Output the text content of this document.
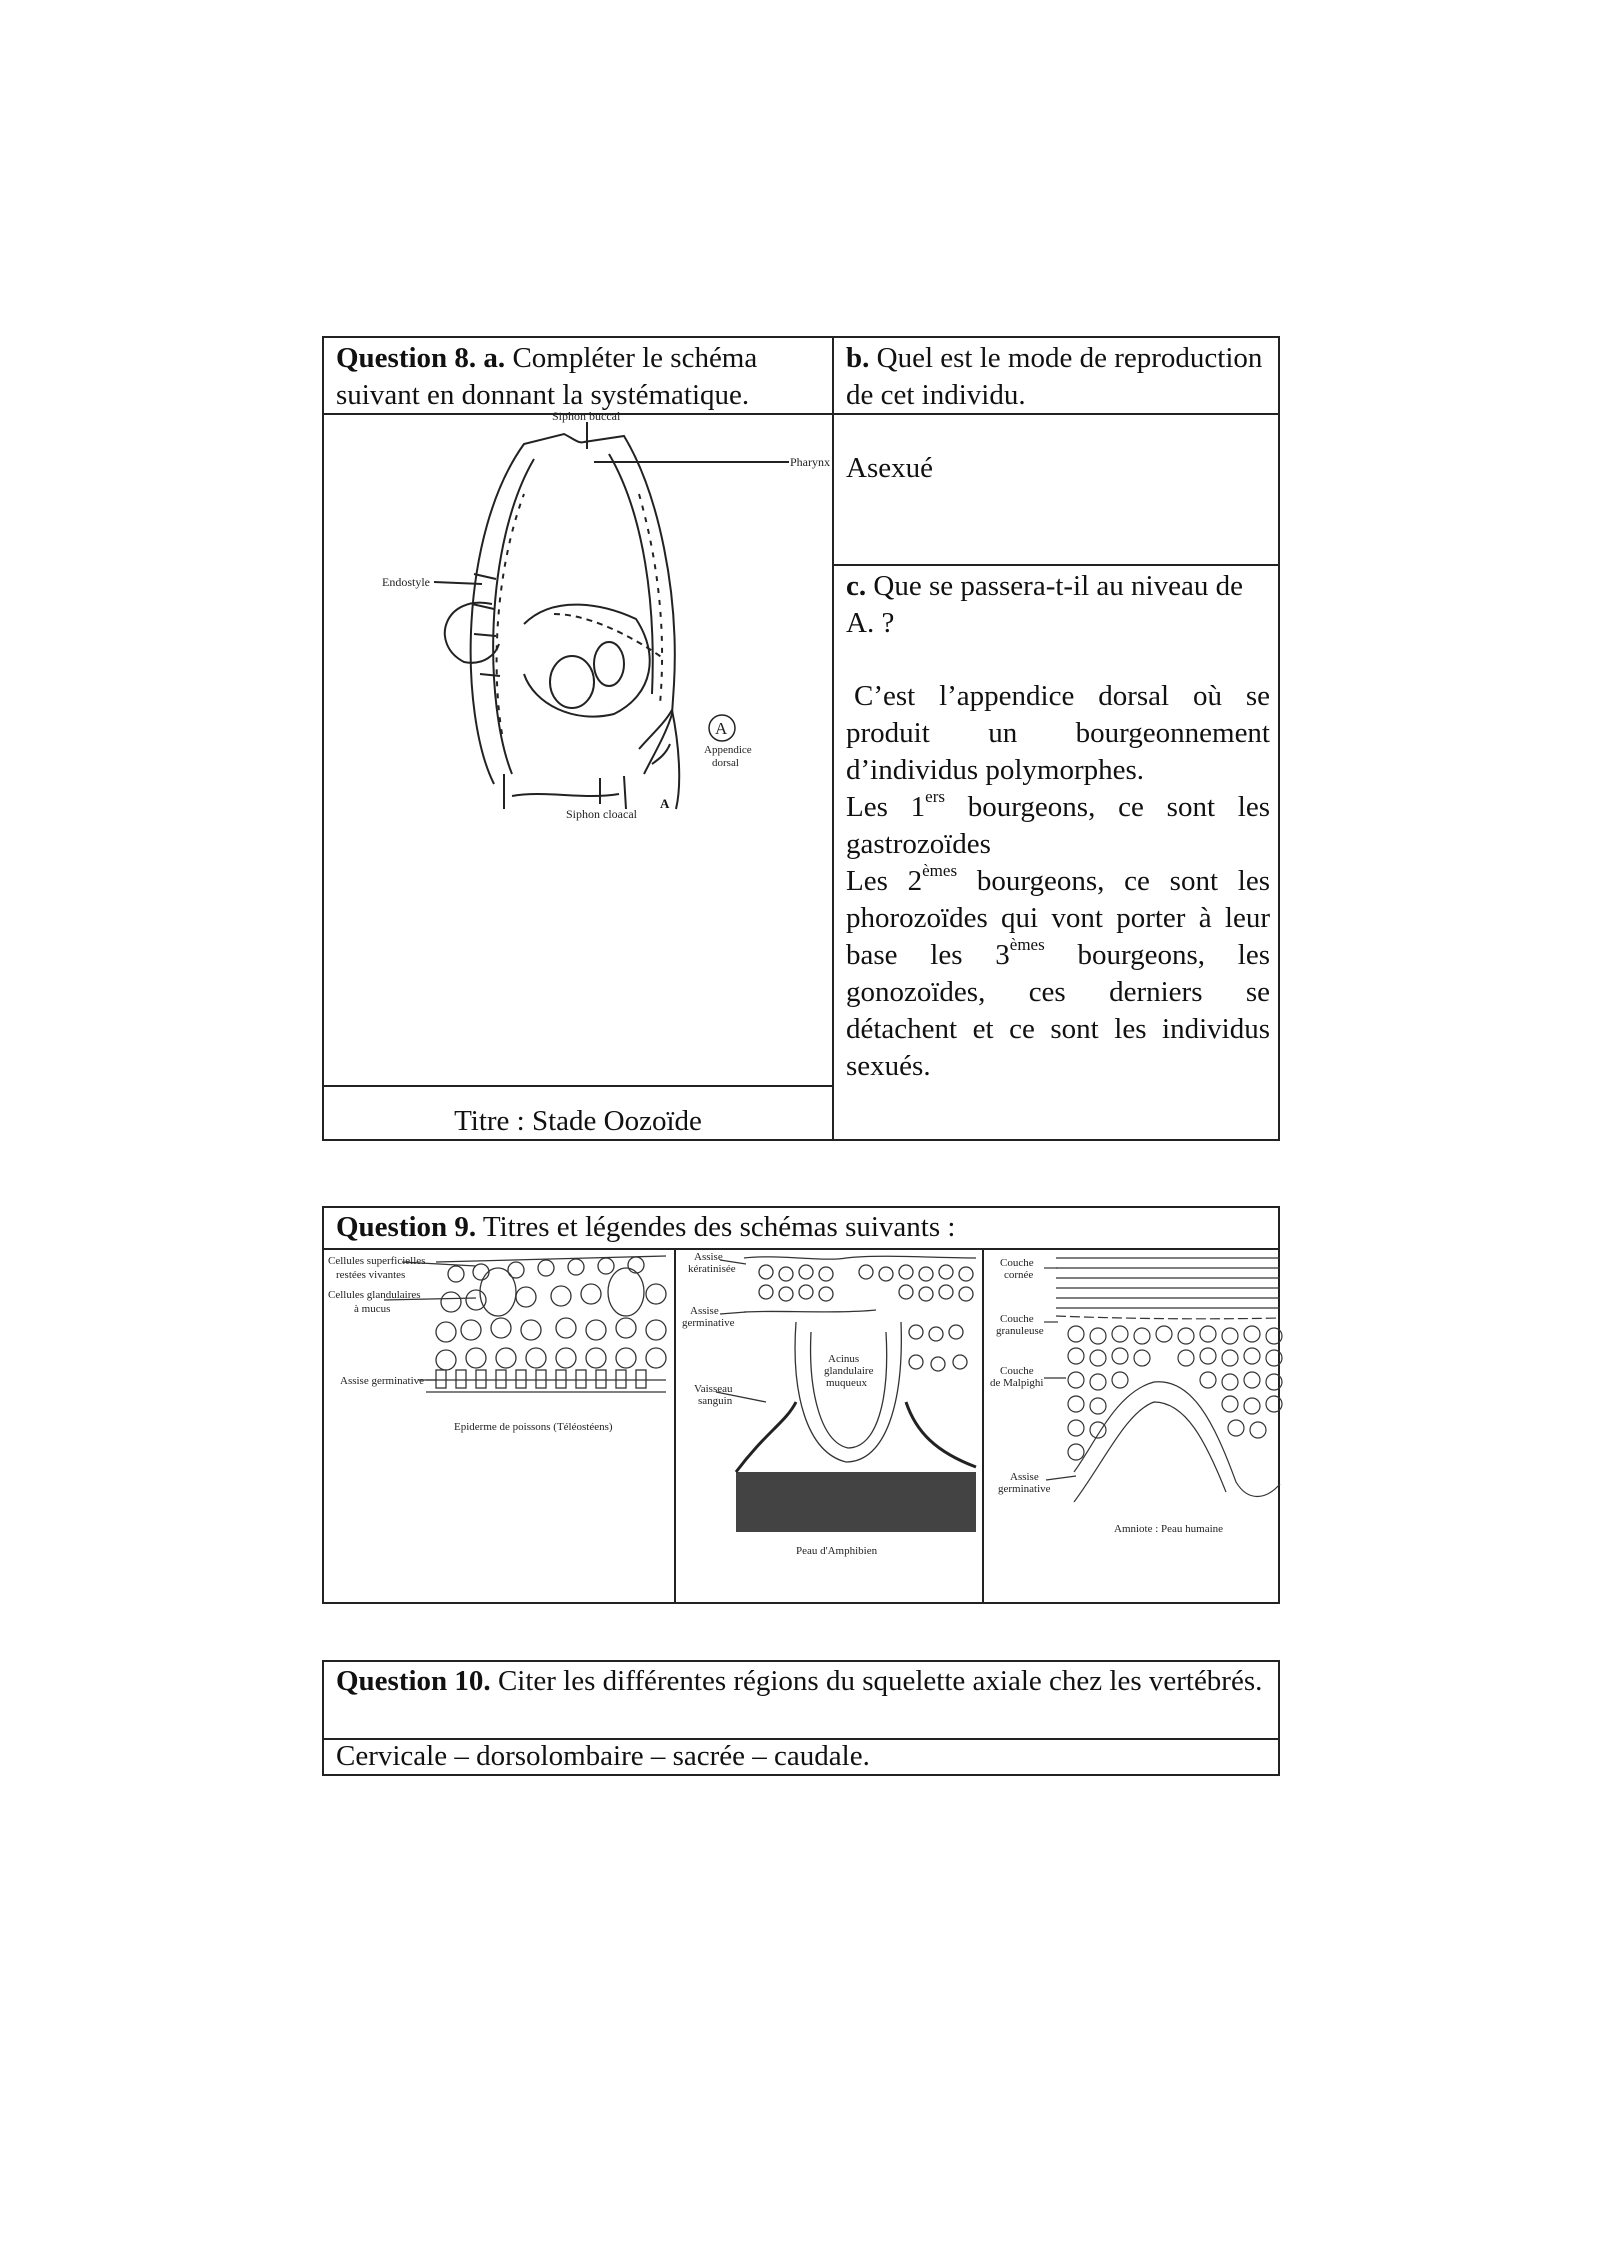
Question 8. a. Compléter le schéma suivant en donnant la systématique.
b. Quel est le mode de reproduction de cet individu.
Asexué
c. Que se passera-t-il au niveau de A. ?
C’est l’appendice dorsal où se produit un bourgeonnement d’individus polymorphes.
Les 1ers bourgeons, ce sont les gastrozoïdes
Les 2èmes bourgeons, ce sont les phorozoïdes qui vont porter à leur base les 3èmes bourgeons, les gonozoïdes, ces derniers se détachent et ce sont les individus sexués.
Titre : Stade Oozoïde
Siphon buccal
Pharynx
Endostyle
Appendice
dorsal
Siphon cloacal
A
A
Question 9. Titres et légendes des schémas suivants :
Cellules superficielles
restées vivantes
Cellules glandulaires
à mucus
Assise germinative
Epiderme de poissons (Téléostéens)
Assise
kératinisée
Assise
germinative
Acinus
glandulaire
muqueux
Vaisseau
sanguin
Peau d'Amphibien
Couche
cornée
Couche
granuleuse
Couche
de Malpighi
Assise
germinative
Amniote : Peau humaine
Question 10. Citer les différentes régions du squelette axiale chez les vertébrés.
Cervicale – dorsolombaire – sacrée – caudale.
